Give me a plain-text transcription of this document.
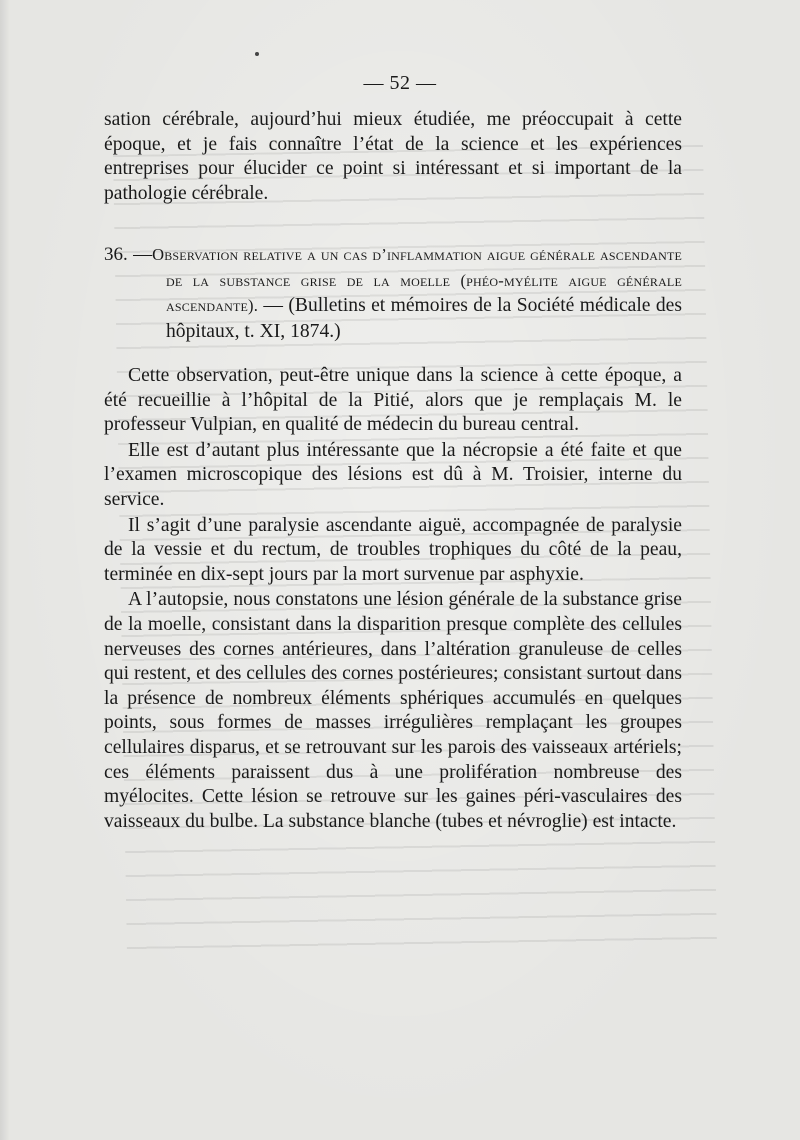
— 52 —

sation cérébrale, aujourd’hui mieux étudiée, me préoccupait à cette époque, et je fais connaître l’état de la science et les expériences entreprises pour élucider ce point si intéressant et si important de la pathologie cérébrale.

36. —Observation relative a un cas d’inflammation aigue générale ascendante de la substance grise de la moelle (phéo-myélite aigue générale ascendante). — (Bulletins et mémoires de la Société médicale des hôpitaux, t. XI, 1874.)

Cette observation, peut-être unique dans la science à cette époque, a été recueillie à l’hôpital de la Pitié, alors que je remplaçais M. le professeur Vulpian, en qualité de médecin du bureau central.

Elle est d’autant plus intéressante que la nécropsie a été faite et que l’examen microscopique des lésions est dû à M. Troisier, interne du service.

Il s’agit d’une paralysie ascendante aiguë, accompagnée de paralysie de la vessie et du rectum, de troubles trophiques du côté de la peau, terminée en dix-sept jours par la mort survenue par asphyxie.

A l’autopsie, nous constatons une lésion générale de la substance grise de la moelle, consistant dans la disparition presque complète des cellules nerveuses des cornes antérieures, dans l’altération granuleuse de celles qui restent, et des cellules des cornes postérieures; consistant surtout dans la présence de nombreux éléments sphériques accumulés en quelques points, sous formes de masses irrégulières remplaçant les groupes cellulaires disparus, et se retrouvant sur les parois des vaisseaux artériels; ces éléments paraissent dus à une prolifération nombreuse des myélocites. Cette lésion se retrouve sur les gaines péri-vasculaires des vaisseaux du bulbe. La substance blanche (tubes et névroglie) est intacte.
